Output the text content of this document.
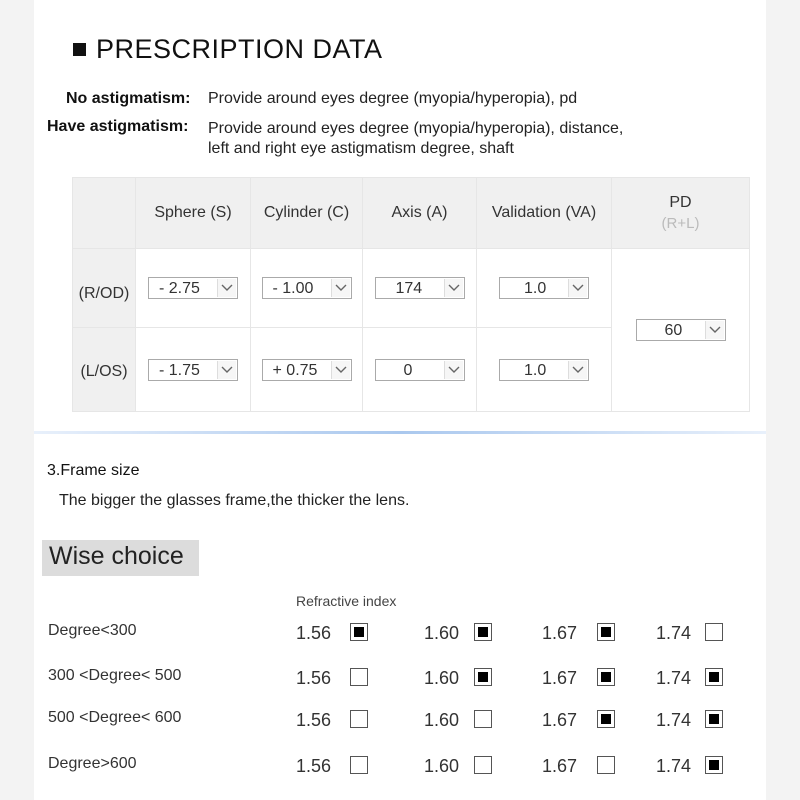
PRESCRIPTION DATA
No astigmatism: Provide around eyes degree (myopia/hyperopia), pd
Have astigmatism: Provide around eyes degree (myopia/hyperopia), distance,
left and right eye astigmatism degree, shaft
	Sphere (S)	Cylinder (C)	Axis (A)	Validation (VA)	PD
(R+L)

(R/OD)	- 2.75	- 1.00	174	1.0	60

(L/OS)	- 1.75	+ 0.75	0	1.0	
3.Frame size
The bigger the glasses frame,the thicker the lens.
Wise choice
Refractive index
Degree<300	1.56	1.60	1.67	1.74
300 <Degree< 500	1.56	1.60	1.67	1.74
500 <Degree< 600	1.56	1.60	1.67	1.74
Degree>600	1.56	1.60	1.67	1.74
